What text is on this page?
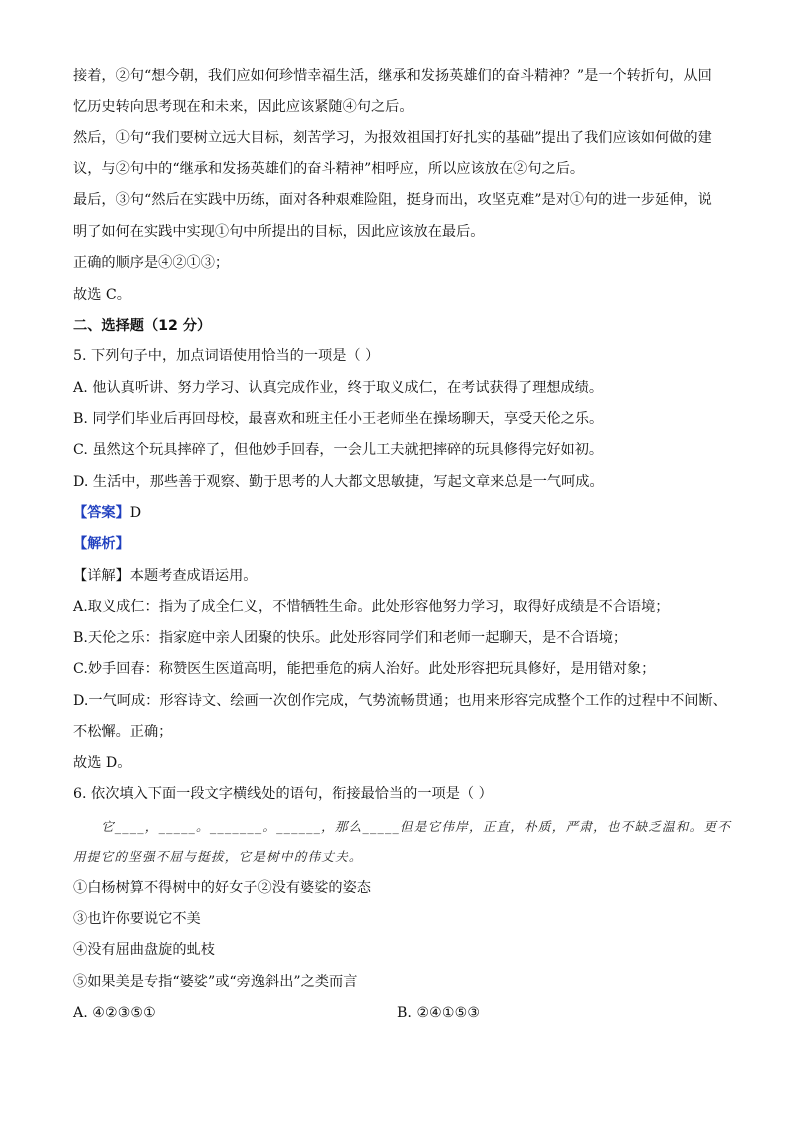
接着，②句“想今朝，我们应如何珍惜幸福生活，继承和发扬英雄们的奋斗精神？”是一个转折句，从回
忆历史转向思考现在和未来，因此应该紧随④句之后。
然后，①句“我们要树立远大目标，刻苦学习，为报效祖国打好扎实的基础”提出了我们应该如何做的建
议，与②句中的“继承和发扬英雄们的奋斗精神”相呼应，所以应该放在②句之后。
最后，③句“然后在实践中历练，面对各种艰难险阻，挺身而出，攻坚克难”是对①句的进一步延伸，说
明了如何在实践中实现①句中所提出的目标，因此应该放在最后。
正确的顺序是④②①③；
故选 C。
二、选择题（12 分）
5. 下列句子中，加点词语使用恰当的一项是（ ）
A. 他认真听讲、努力学习、认真完成作业，终于取义成仁，在考试获得了理想成绩。
B. 同学们毕业后再回母校，最喜欢和班主任小王老师坐在操场聊天，享受天伦之乐。
C. 虽然这个玩具摔碎了，但他妙手回春，一会儿工夫就把摔碎的玩具修得完好如初。
D. 生活中，那些善于观察、勤于思考的人大都文思敏捷，写起文章来总是一气呵成。
【答案】D
【解析】
【详解】本题考查成语运用。
A.取义成仁：指为了成全仁义，不惜牺牲生命。此处形容他努力学习，取得好成绩是不合语境；
B.天伦之乐：指家庭中亲人团聚的快乐。此处形容同学们和老师一起聊天，是不合语境；
C.妙手回春：称赞医生医道高明，能把垂危的病人治好。此处形容把玩具修好，是用错对象；
D.一气呵成：形容诗文、绘画一次创作完成，气势流畅贯通；也用来形容完成整个工作的过程中不间断、
不松懈。正确；
故选 D。
6. 依次填入下面一段文字横线处的语句，衔接最恰当的一项是（ ）
它____，_____。_______。______，那么_____但是它伟岸，正直，朴质，严肃，也不缺乏温和。更不
用提它的坚强不屈与挺拔，它是树中的伟丈夫。
①白杨树算不得树中的好女子②没有婆娑的姿态
③也许你要说它不美
④没有屈曲盘旋的虬枝
⑤如果美是专指“婆娑”或“旁逸斜出”之类而言
A. ④②③⑤①	B. ②④①⑤③
